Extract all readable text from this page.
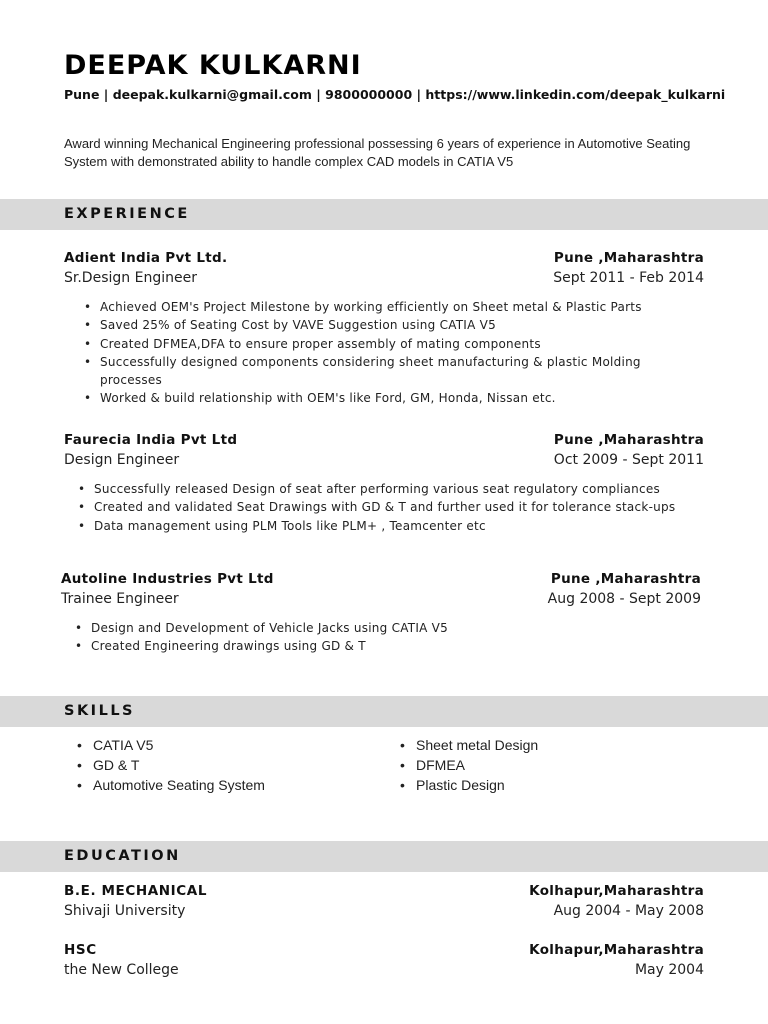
DEEPAK KULKARNI
Pune | deepak.kulkarni@gmail.com | 9800000000 | https://www.linkedin.com/deepak_kulkarni
Award winning Mechanical Engineering professional possessing 6 years of experience in Automotive Seating System with demonstrated ability to handle complex CAD models in CATIA V5
EXPERIENCE
Adient India Pvt Ltd.	Pune ,Maharashtra
Sr.Design Engineer	Sept 2011 - Feb 2014
• Achieved OEM's Project Milestone by working efficiently on Sheet metal & Plastic Parts
• Saved 25% of Seating Cost by VAVE Suggestion using CATIA V5
• Created DFMEA,DFA to ensure proper assembly of mating components
• Successfully designed components considering sheet manufacturing & plastic Molding processes
• Worked & build relationship with OEM's like Ford, GM, Honda, Nissan etc.
Faurecia India Pvt Ltd	Pune ,Maharashtra
Design Engineer	Oct 2009 - Sept 2011
• Successfully released Design of seat after performing various seat regulatory compliances
• Created and validated Seat Drawings with GD & T and further used it for tolerance stack-ups
• Data management using PLM Tools like PLM+ , Teamcenter etc
Autoline Industries Pvt Ltd	Pune ,Maharashtra
Trainee Engineer	Aug 2008 - Sept 2009
• Design and Development of Vehicle Jacks using CATIA V5
• Created Engineering drawings using GD & T
SKILLS
• CATIA V5
• GD & T
• Automotive Seating System
• Sheet metal Design
• DFMEA
• Plastic Design
EDUCATION
B.E. MECHANICAL	Kolhapur,Maharashtra
Shivaji University	Aug 2004 - May 2008
HSC	Kolhapur,Maharashtra
the New College	May 2004
